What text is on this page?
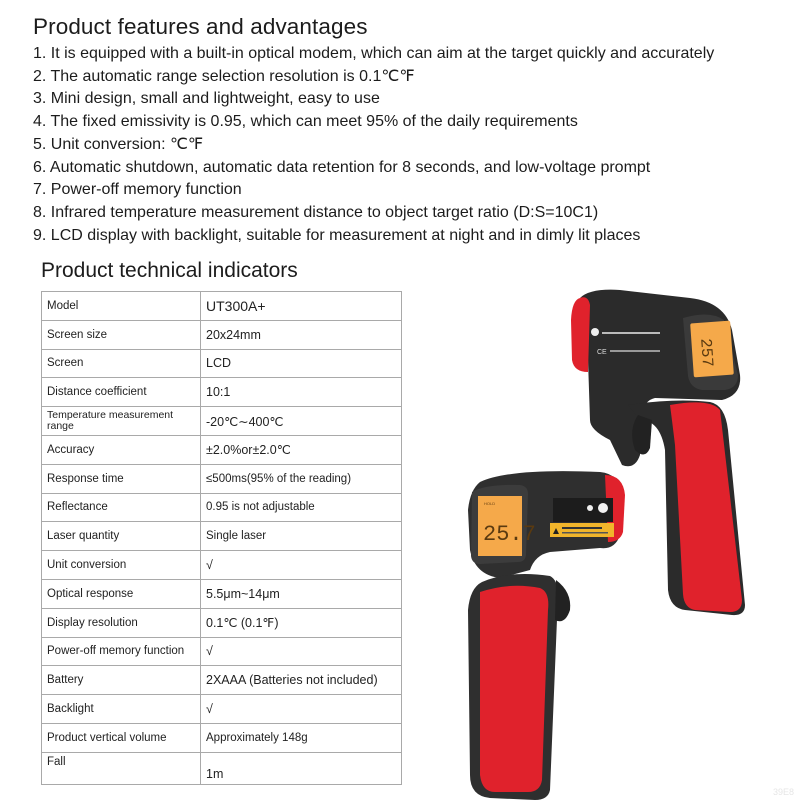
Product features and advantages
1. It is equipped with a built-in optical modem, which can aim at the target quickly and accurately
2. The automatic range selection resolution is 0.1℃℉
3. Mini design, small and lightweight, easy to use
4. The fixed emissivity is 0.95, which can meet 95% of the daily requirements
5. Unit conversion: ℃℉
6. Automatic shutdown, automatic data retention for 8 seconds, and low-voltage prompt
7. Power-off memory function
8. Infrared temperature measurement distance to object target ratio (D:S=10C1)
9. LCD display with backlight, suitable for measurement at night and in dimly lit places
Product technical indicators
Model	UT300A+
Screen size	20x24mm
Screen	LCD
Distance coefficient	10:1
Temperature measurement range	-20℃∼400℃
Accuracy	±2.0%or±2.0℃
Response time	≤500ms(95% of the reading)
Reflectance	0.95 is not adjustable
Laser quantity	Single laser
Unit conversion	√
Optical response	5.5μm~14μm
Display resolution	0.1℃ (0.1℉)
Power-off memory function	√
Battery	2XAAA (Batteries not included)
Backlight	√
Product vertical volume	Approximately 148g
Fall	1m
257
CE
HOLD
25.7
39E8
